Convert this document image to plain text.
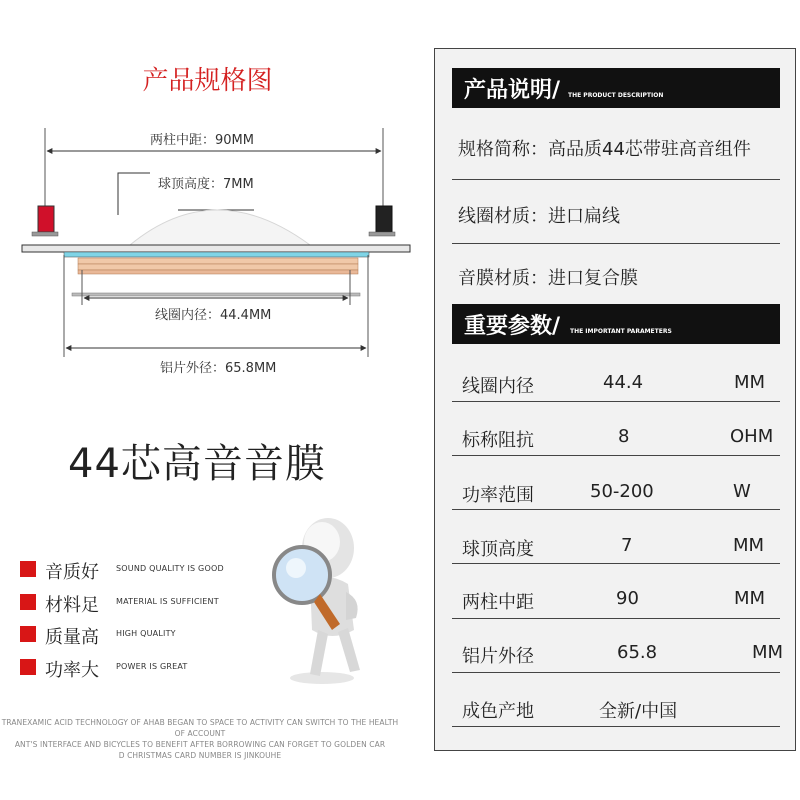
产品规格图
两柱中距：90MM
球顶高度：7MM
线圈内径：44.4MM
铝片外径：65.8MM
44芯高音音膜
音质好 SOUND QUALITY IS GOOD
材料足 MATERIAL IS SUFFICIENT
质量高 HIGH QUALITY
功率大 POWER IS GREAT
TRANEXAMIC ACID TECHNOLOGY OF AHAB BEGAN TO SPACE TO ACTIVITY CAN SWITCH TO THE HEALTH OF ACCOUNT
ANT'S INTERFACE AND BICYCLES TO BENEFIT AFTER BORROWING CAN FORGET TO GOLDEN CAR
D CHRISTMAS CARD NUMBER IS JINKOUHE
产品说明/ THE PRODUCT DESCRIPTION
规格简称：高品质44芯带驻高音组件
线圈材质：进口扁线
音膜材质：进口复合膜
重要参数/ THE IMPORTANT PARAMETERS
线圈内径	44.4	MM
标称阻抗	8	OHM
功率范围	50-200	W
球顶高度	7	MM
两柱中距	90	MM
铝片外径	65.8	MM
成色产地	全新/中国
